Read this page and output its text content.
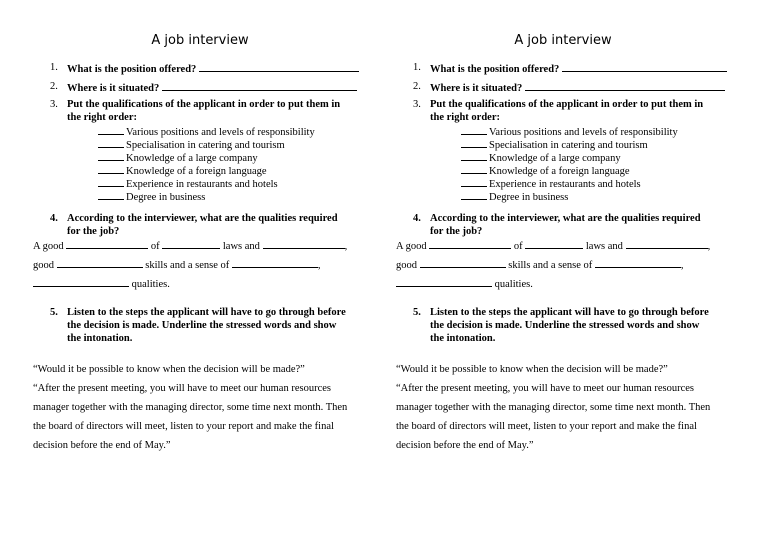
A job interview
1. What is the position offered?
2. Where is it situated?
3. Put the qualifications of the applicant in order to put them in
the right order:
Various positions and levels of responsibility
Specialisation in catering and tourism
Knowledge of a large company
Knowledge of a foreign language
Experience in restaurants and hotels
Degree in business
4. According to the interviewer, what are the qualities required
for the job?
A good	of	laws and	,
good	skills and a sense of	,
qualities.
5. Listen to the steps the applicant will have to go through before
the decision is made. Underline the stressed words and show
the intonation.
“Would it be possible to know when the decision will be made?”
“After the present meeting, you will have to meet our human resources
manager together with the managing director, some time next month. Then
the board of directors will meet, listen to your report and make the final
decision before the end of May.”
A job interview
1. What is the position offered?
2. Where is it situated?
3. Put the qualifications of the applicant in order to put them in
the right order:
Various positions and levels of responsibility
Specialisation in catering and tourism
Knowledge of a large company
Knowledge of a foreign language
Experience in restaurants and hotels
Degree in business
4. According to the interviewer, what are the qualities required
for the job?
A good	of	laws and	,
good	skills and a sense of	,
qualities.
5. Listen to the steps the applicant will have to go through before
the decision is made. Underline the stressed words and show
the intonation.
“Would it be possible to know when the decision will be made?”
“After the present meeting, you will have to meet our human resources
manager together with the managing director, some time next month. Then
the board of directors will meet, listen to your report and make the final
decision before the end of May.”
